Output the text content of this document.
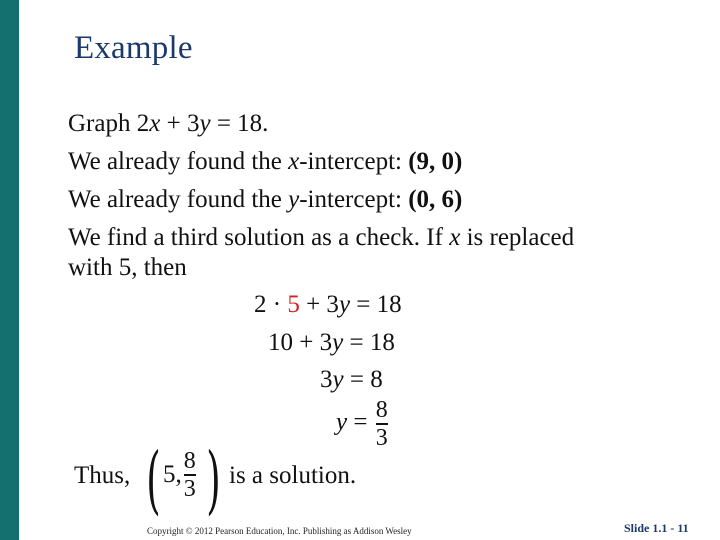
Example
Graph 2x + 3y = 18.
We already found the x-intercept: (9, 0)
We already found the y-intercept: (0, 6)
We find a third solution as a check. If x is replaced
with 5, then
2 · 5 + 3y = 18
10 + 3y = 18
3y = 8
$y = \frac{8}{3}$
Thus, ( 5, $\frac{8}{3}$ ) is a solution.
Copyright © 2012 Pearson Education, Inc. Publishing as Addison Wesley	Slide 1.1 - 11
